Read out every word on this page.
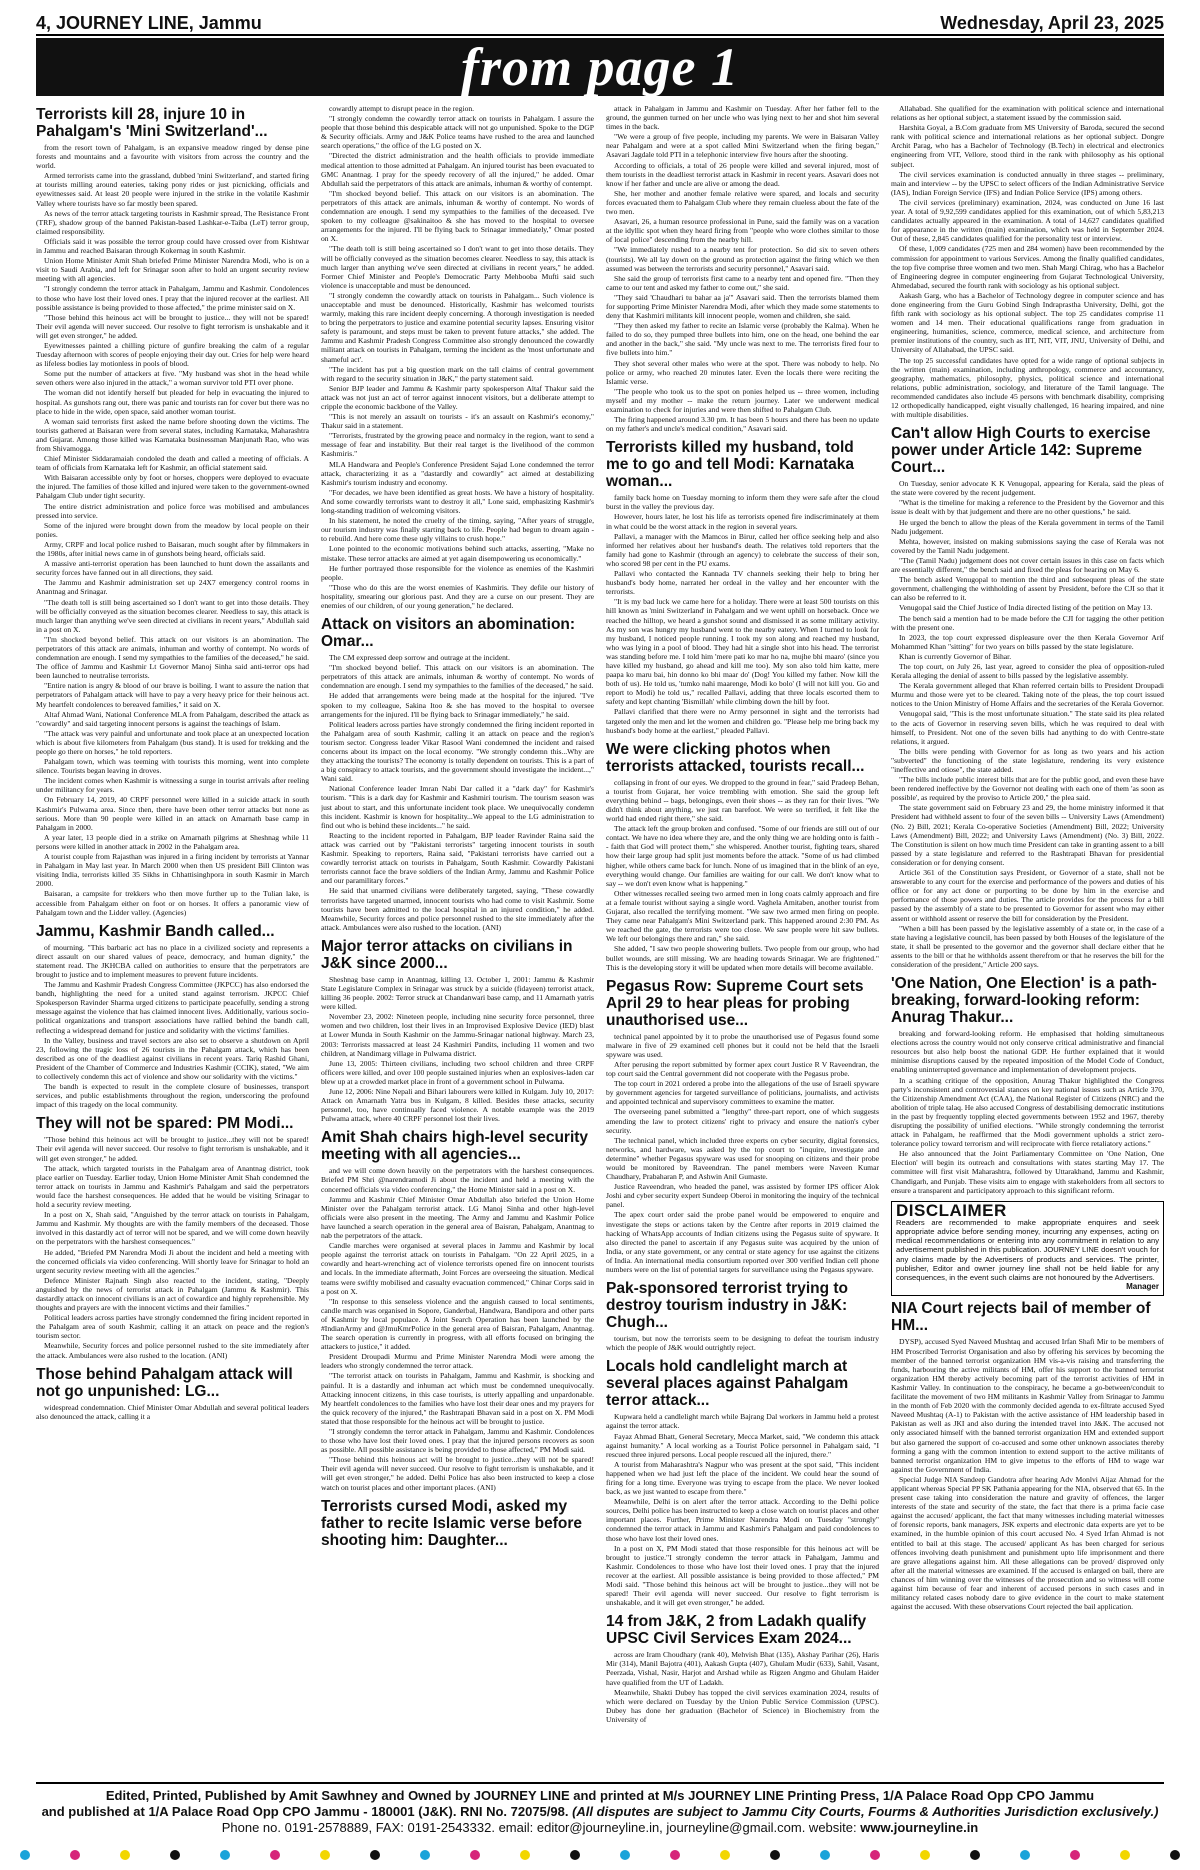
4, JOURNEY LINE, Jammu	Wednesday, April 23, 2025
from page 1
Terrorists kill 28, injure 10 in Pahalgam's 'Mini Switzerland'...

from the resort town of Pahalgam, is an expansive meadow ringed by dense pine forests and mountains and a favourite with visitors from across the country and the world.

Armed terrorists came into the grassland, dubbed 'mini Switzerland', and started firing at tourists milling around eateries, taking pony rides or just picnicking, officials and eyewitnesses said. At least 20 people were injured in the strike in the volatile Kashmir Valley where tourists have so far mostly been spared.

As news of the terror attack targeting tourists in Kashmir spread, The Resistance Front (TRF), shadow group of the banned Pakistan-based Lashkar-e-Taiba (LeT) terror group, claimed responsibility.

Officials said it was possible the terror group could have crossed over from Kishtwar in Jammu and reached Baisaran through Kokernag in south Kashmir.

Union Home Minister Amit Shah briefed Prime Minister Narendra Modi, who is on a visit to Saudi Arabia, and left for Srinagar soon after to hold an urgent security review meeting with all agencies.

"I strongly condemn the terror attack in Pahalgam, Jammu and Kashmir. Condolences to those who have lost their loved ones. I pray that the injured recover at the earliest. All possible assistance is being provided to those affected," the prime minister said on X.

"Those behind this heinous act will be brought to justice... they will not be spared! Their evil agenda will never succeed. Our resolve to fight terrorism is unshakable and it will get even stronger," he added.

Eyewitnesses painted a chilling picture of gunfire breaking the calm of a regular Tuesday afternoon with scores of people enjoying their day out. Cries for help were heard as lifeless bodies lay motionless in pools of blood.

Some put the number of attackers at five. "My husband was shot in the head while seven others were also injured in the attack," a woman survivor told PTI over phone.

The woman did not identify herself but pleaded for help in evacuating the injured to hospital. As gunshots rang out, there was panic and tourists ran for cover but there was no place to hide in the wide, open space, said another woman tourist.

A woman said terrorists first asked the name before shooting down the victims. The tourists gathered at Baisaran were from several states, including Karnataka, Maharashtra and Gujarat. Among those killed was Karnataka businessman Manjunath Rao, who was from Shivamogga.

Chief Minister Siddaramaiah condoled the death and called a meeting of officials. A team of officials from Karnataka left for Kashmir, an official statement said.

With Baisaran accessible only by foot or horses, choppers were deployed to evacuate the injured. The families of those killed and injured were taken to the government-owned Pahalgam Club under tight security.

The entire district administration and police force was mobilised and ambulances pressed into service.

Some of the injured were brought down from the meadow by local people on their ponies.

Army, CRPF and local police rushed to Baisaran, much sought after by filmmakers in the 1980s, after initial news came in of gunshots being heard, officials said.

A massive anti-terrorist operation has been launched to hunt down the assailants and security forces have fanned out in all directions, they said.

The Jammu and Kashmir administration set up 24X7 emergency control rooms in Anantnag and Srinagar.

"The death toll is still being ascertained so I don't want to get into those details. They will be officially conveyed as the situation becomes clearer. Needless to say, this attack is much larger than anything we've seen directed at civilians in recent years," Abdullah said in a post on X.

"I'm shocked beyond belief. This attack on our visitors is an abomination. The perpetrators of this attack are animals, inhuman and worthy of contempt. No words of condemnation are enough. I send my sympathies to the families of the deceased," he said. The office of Jammu and Kashmir Lt Governor Manoj Sinha said anti-terror ops had been launched to neutralise terrorists.

"Entire nation is angry & blood of our brave is boiling. I want to assure the nation that perpetrators of Pahalgam attack will have to pay a very heavy price for their heinous act. My heartfelt condolences to bereaved families," it said on X.

Altaf Ahmad Wani, National Conference MLA from Pahalgam, described the attack as "cowardly" and said targeting innocent persons is against the teachings of Islam.

"The attack was very painful and unfortunate and took place at an unexpected location which is about five kilometers from Pahalgam (bus stand). It is used for trekking and the people go there on horses," he told reporters.

Pahalgam town, which was teeming with tourists this morning, went into complete silence. Tourists began leaving in droves.

The incident comes when Kashmir is witnessing a surge in tourist arrivals after reeling under militancy for years.

On February 14, 2019, 40 CRPF personnel were killed in a suicide attack in south Kashmir's Pulwama area. Since then, there have been other terror attacks but none as serious. More than 90 people were killed in an attack on Amarnath base camp in Pahalgam in 2000.

A year later, 13 people died in a strike on Amarnath pilgrims at Sheshnag while 11 persons were killed in another attack in 2002 in the Pahalgam area.

A tourist couple from Rajasthan was injured in a firing incident by terrorists at Yannar in Pahalgam in May last year. In March 2000 when then US president Bill Clinton was visiting India, terrorists killed 35 Sikhs in Chhattisinghpora in south Kasmir in March 2000.

Baisaran, a campsite for trekkers who then move further up to the Tulian lake, is accessible from Pahalgam either on foot or on horses. It offers a panoramic view of Pahalgam town and the Lidder valley. (Agencies)

Jammu, Kashmir Bandh called...

of mourning. "This barbaric act has no place in a civilized society and represents a direct assault on our shared values of peace, democracy, and human dignity," the statement read. The JKHCBA called on authorities to ensure that the perpetrators are brought to justice and to implement measures to prevent future incidents.

The Jammu and Kashmir Pradesh Congress Committee (JKPCC) has also endorsed the bandh, highlighting the need for a united stand against terrorism. JKPCC Chief Spokesperson Ravinder Sharma urged citizens to participate peacefully, sending a strong message against the violence that has claimed innocent lives. Additionally, various socio-political organizations and transport associations have rallied behind the bandh call, reflecting a widespread demand for justice and solidarity with the victims' families.

In the Valley, business and travel sectors are also set to observe a shutdown on April 23, following the tragic loss of 26 tourists in the Pahalgam attack, which has been described as one of the deadliest against civilians in recent years. Tariq Rashid Ghani, President of the Chamber of Commerce and Industries Kashmir (CCIK), stated, "We aim to collectively condemn this act of violence and show our solidarity with the victims."

The bandh is expected to result in the complete closure of businesses, transport services, and public establishments throughout the region, underscoring the profound impact of this tragedy on the local community.

They will not be spared: PM Modi...

"Those behind this heinous act will be brought to justice...they will not be spared! Their evil agenda will never succeed. Our resolve to fight terrorism is unshakable, and it will get even stronger," he added.

The attack, which targeted tourists in the Pahalgam area of Anantnag district, took place earlier on Tuesday. Earlier today, Union Home Minister Amit Shah condemned the terror attack on tourists in Jammu and Kashmir's Pahalgam and said the perpetrators would face the harshest consequences. He added that he would be visiting Srinagar to hold a security review meeting.

In a post on X, Shah said, "Anguished by the terror attack on tourists in Pahalgam, Jammu and Kashmir. My thoughts are with the family members of the deceased. Those involved in this dastardly act of terror will not be spared, and we will come down heavily on the perpetrators with the harshest consequences."

He added, "Briefed PM Narendra Modi Ji about the incident and held a meeting with the concerned officials via video conferencing. Will shortly leave for Srinagar to hold an urgent security review meeting with all the agencies."

Defence Minister Rajnath Singh also reacted to the incident, stating, "Deeply anguished by the news of terrorist attack in Pahalgam (Jammu & Kashmir). This dastardly attack on innocent civilians is an act of cowardice and highly reprehensible. My thoughts and prayers are with the innocent victims and their families."

Political leaders across parties have strongly condemned the firing incident reported in the Pahalgam area of south Kashmir, calling it an attack on peace and the region's tourism sector.

Meanwhile, Security forces and police personnel rushed to the site immediately after the attack. Ambulances were also rushed to the location. (ANI)

Those behind Pahalgam attack will not go unpunished: LG...

widespread condemnation. Chief Minister Omar Abdullah and several political leaders also denounced the attack, calling it a

cowardly attempt to disrupt peace in the region.

"I strongly condemn the cowardly terror attack on tourists in Pahalgam. I assure the people that those behind this despicable attack will not go unpunished. Spoke to the DGP & Security officials. Army and J&K Police teams have rushed to the area and launched search operations," the office of the LG posted on X.

"Directed the district administration and the health officials to provide immediate medical attention to those admitted at Pahalgam. An injured tourist has been evacuated to GMC Anantnag. I pray for the speedy recovery of all the injured," he added. Omar Abdullah said the perpetrators of this attack are animals, inhuman & worthy of contempt.

"I'm shocked beyond belief. This attack on our visitors is an abomination. The perpetrators of this attack are animals, inhuman & worthy of contempt. No words of condemnation are enough. I send my sympathies to the families of the deceased. I've spoken to my colleague @sakinaitoo & she has moved to the hospital to oversee arrangements for the injured. I'll be flying back to Srinagar immediately," Omar posted on X.

"The death toll is still being ascertained so I don't want to get into those details. They will be officially conveyed as the situation becomes clearer. Needless to say, this attack is much larger than anything we've seen directed at civilians in recent years," he added. Former Chief Minister and People's Democratic Party Mehbooba Mufti said such violence is unacceptable and must be denounced.

"I strongly condemn the cowardly attack on tourists in Pahalgam... Such violence is unacceptable and must be denounced. Historically, Kashmir has welcomed tourists warmly, making this rare incident deeply concerning. A thorough investigation is needed to bring the perpetrators to justice and examine potential security lapses. Ensuring visitor safety is paramount, and steps must be taken to prevent future attacks," she added. The Jammu and Kashmir Pradesh Congress Committee also strongly denounced the cowardly militant attack on tourists in Pahalgam, terming the incident as the 'most unfortunate and shameful act'.

"The incident has put a big question mark on the tall claims of central government with regard to the security situation in J&K," the party statement said.

Senior BJP leader and Jammu & Kashmir party spokesperson Altaf Thakur said the attack was not just an act of terror against innocent visitors, but a deliberate attempt to cripple the economic backbone of the Valley.

"This is not merely an assault on tourists - it's an assault on Kashmir's economy," Thakur said in a statement.

"Terrorists, frustrated by the growing peace and normalcy in the region, want to send a message of fear and instability. But their real target is the livelihood of the common Kashmiris."

MLA Handwara and People's Conference President Sajad Lone condemned the terror attack, characterizing it as a "dastardly and cowardly" act aimed at destabilizing Kashmir's tourism industry and economy.

"For decades, we have been identified as great hosts. We have a history of hospitality. And some cowardly terrorists want to destroy it all," Lone said, emphasizing Kashmir's long-standing tradition of welcoming visitors.

In his statement, he noted the cruelty of the timing, saying, "After years of struggle, our tourism industry was finally starting back to life. People had begun to dream again - to rebuild. And here come these ugly villains to crush hope."

Lone pointed to the economic motivations behind such attacks, asserting, "Make no mistake. These terror attacks are aimed at yet again disempowering us economically."

He further portrayed those responsible for the violence as enemies of the Kashmiri people.

"Those who do this are the worst enemies of Kashmiris. They defile our history of hospitality, smearing our glorious past. And they are a curse on our present. They are enemies of our children, of our young generation," he declared.

Attack on visitors an abomination: Omar...

The CM expressed deep sorrow and outrage at the incident.

"I'm shocked beyond belief. This attack on our visitors is an abomination. The perpetrators of this attack are animals, inhuman & worthy of contempt. No words of condemnation are enough. I send my sympathies to the families of the deceased," he said.

He added that arrangements were being made at the hospital for the injured. "I've spoken to my colleague, Sakina Itoo & she has moved to the hospital to oversee arrangements for the injured. I'll be flying back to Srinagar immediately," he said.

Political leaders across parties have strongly condemned the firing incident reported in the Pahalgam area of south Kashmir, calling it an attack on peace and the region's tourism sector. Congress leader Vikar Rasool Wani condemned the incident and raised concerns about its impact on the local economy. "We strongly condemn this...Why are they attacking the tourists? The economy is totally dependent on tourists. This is a part of a big conspiracy to attack tourists, and the government should investigate the incident...," Wani said.

National Conference leader Imran Nabi Dar called it a "dark day" for Kashmir's tourism. "This is a dark day for Kashmir and Kashmiri tourism. The tourism season was just about to start, and this unfortunate incident took place. We unequivocally condemn this incident. Kashmir is known for hospitality...We appeal to the LG administration to find out who is behind these incidents..." he said.

Reacting to the incident reported in Pahalgam, BJP leader Ravinder Raina said the attack was carried out by "Pakistani terrorists" targeting innocent tourists in south Kashmir. Speaking to reporters, Raina said, "Pakistani terrorists have carried out a cowardly terrorist attack on tourists in Pahalgam, South Kashmir. Cowardly Pakistani terrorists cannot face the brave soldiers of the Indian Army, Jammu and Kashmir Police and our paramilitary forces."

He said that unarmed civilians were deliberately targeted, saying, "These cowardly terrorists have targeted unarmed, innocent tourists who had come to visit Kashmir. Some tourists have been admitted to the local hospital in an injured condition," he added. Meanwhile, Security forces and police personnel rushed to the site immediately after the attack. Ambulances were also rushed to the location. (ANI)

Major terror attacks on civilians in J&K since 2000...

Sheshnag base camp in Anantnag, killing 13. October 1, 2001: Jammu & Kashmir State Legislature Complex in Srinagar was struck by a suicide (fidayeen) terrorist attack, killing 36 people. 2002: Terror struck at Chandanwari base camp, and 11 Amarnath yatris were killed.

November 23, 2002: Nineteen people, including nine security force personnel, three women and two children, lost their lives in an Improvised Explosive Device (IED) blast at Lower Munda in South Kashmir on the Jammu-Srinagar national highway. March 23, 2003: Terrorists massacred at least 24 Kashmiri Pandits, including 11 women and two children, at Nandimarg village in Pulwama district.

June 13, 2005: Thirteen civilians, including two school children and three CRPF officers were killed, and over 100 people sustained injuries when an explosives-laden car blew up at a crowded market place in front of a government school in Pulwama.

June 12, 2006: Nine Nepali and Bihari labourers were killed in Kulgam. July 10, 2017: Attack on Amarnath Yatra bus in Kulgam, 8 killed. Besides these attacks, security personnel, too, have continually faced violence. A notable example was the 2019 Pulwama attack, where 40 CRPF personnel lost their lives.

Amit Shah chairs high-level security meeting with all agencies...

and we will come down heavily on the perpetrators with the harshest consequences. Briefed PM Shri @narendramodi Ji about the incident and held a meeting with the concerned officials via video conferencing," the Home Minister said in a post on X.

Jammu and Kashmir Chief Minister Omar Abdullah also briefed the Union Home Minister over the Pahalgam terrorist attack. LG Manoj Sinha and other high-level officials were also present in the meeting. The Army and Jammu and Kashmir Police have launched a search operation in the general area of Baisran, Pahalgam, Anantnag to nab the perpetrators of the attack.

Candle marches were organised at several places in Jammu and Kashmir by local people against the terrorist attack on tourists in Pahalgam. "On 22 April 2025, in a cowardly and heart-wrenching act of violence terrorists opened fire on innocent tourists and locals. In the immediate aftermath, Joint Forces are overseeing the situation. Medical teams were swiftly mobilised and casualty evacuation commenced," Chinar Corps said in a post on X.

"In response to this senseless violence and the anguish caused to local sentiments, candle march was organised in Sopore, Ganderbal, Handwara, Bandipora and other parts of Kashmir by local populace. A Joint Search Operation has been launched by the #IndianArmy and @JmuKmrPolice in the general area of Baisran, Pahalgam, Anantnag. The search operation is currently in progress, with all efforts focused on bringing the attackers to justice," it added.

President Droupadi Murmu and Prime Minister Narendra Modi were among the leaders who strongly condemned the terror attack.

"The terrorist attack on tourists in Pahalgam, Jammu and Kashmir, is shocking and painful. It is a dastardly and inhuman act which must be condemned unequivocally. Attacking innocent citizens, in this case tourists, is utterly appalling and unpardonable. My heartfelt condolences to the families who have lost their dear ones and my prayers for the quick recovery of the injured," the Rashtrapati Bhavan said in a post on X. PM Modi stated that those responsible for the heinous act will be brought to justice.

"I strongly condemn the terror attack in Pahalgam, Jammu and Kashmir. Condolences to those who have lost their loved ones. I pray that the injured persons recovers as soon as possible. All possible assistance is being provided to those affected," PM Modi said.

"Those behind this heinous act will be brought to justice...they will not be spared! Their evil agenda will never succeed. Our resolve to fight terrorism is unshakable, and it will get even stronger," he added. Delhi Police has also been instructed to keep a close watch on tourist places and other important places. (ANI)

Terrorists cursed Modi, asked my father to recite Islamic verse before shooting him: Daughter...

attack in Pahalgam in Jammu and Kashmir on Tuesday. After her father fell to the ground, the gunmen turned on her uncle who was lying next to her and shot him several times in the back.

"We were a group of five people, including my parents. We were in Baisaran Valley near Pahalgam and were at a spot called Mini Switzerland when the firing began," Asavari Jagdale told PTI in a telephonic interview five hours after the shooting.

According to officials, a total of 26 people were killed and several injured, most of them tourists in the deadliest terrorist attack in Kashmir in recent years. Asavari does not know if her father and uncle are alive or among the dead.

She, her mother and another female relative were spared, and locals and security forces evacuated them to Pahalgam Club where they remain clueless about the fate of the two men.

Asavari, 26, a human resource professional in Pune, said the family was on a vacation at the idyllic spot when they heard firing from "people who wore clothes similar to those of local police" descending from the nearby hill.

"We immediately rushed to a nearby tent for protection. So did six to seven others (tourists). We all lay down on the ground as protection against the firing which we then assumed was between the terrorists and security personnel," Asavari said.

She said the group of terrorists first came to a nearby tent and opened fire. "Then they came to our tent and asked my father to come out," she said.

"They said 'Chaudhari tu bahar aa ja'" Asavari said. Then the terrorists blamed them for supporting Prime Minister Narendra Modi, after which they made some statements to deny that Kashmiri militants kill innocent people, women and children, she said.

"They then asked my father to recite an Islamic verse (probably the Kalma). When he failed to do so, they pumped three bullets into him, one on the head, one behind the ear and another in the back," she said. "My uncle was next to me. The terrorists fired four to five bullets into him."

They shot several other males who were at the spot. There was nobody to help. No police or army, who reached 20 minutes later. Even the locals there were reciting the Islamic verse.

"The people who took us to the spot on ponies helped us -- three women, including myself and my mother -- make the return journey. Later we underwent medical examination to check for injuries and were then shifted to Pahalgam Club.

The firing happened around 3.30 pm. It has been 5 hours and there has been no update on my father's and uncle's medical condition," Asavari said.

Terrorists killed my husband, told me to go and tell Modi: Karnataka woman...

family back home on Tuesday morning to inform them they were safe after the cloud burst in the valley the previous day.

However, hours later, he lost his life as terrorists opened fire indiscriminately at them in what could be the worst attack in the region in several years.

Pallavi, a manager with the Mamcos in Birur, called her office seeking help and also informed her relatives about her husband's death. The relatives told reporters that the family had gone to Kashmir (through an agency) to celebrate the success of their son, who scored 98 per cent in the PU exams.

Pallavi who contacted the Kannada TV channels seeking their help to bring her husband's body home, narrated her ordeal in the valley and her encounter with the terrorists.

"It is my bad luck we came here for a holiday. There were at least 500 tourists on this hill known as 'mini Switzerland' in Pahalgam and we went uphill on horseback. Once we reached the hilltop, we heard a gunshot sound and dismissed it as some military activity. As my son was hungry my husband went to the nearby eatery. When I turned to look for my husband, I noticed people running. I took my son along and reached my husband, who was lying in a pool of blood. They had hit a single shot into his head. The terrorist was standing before me. I told him 'mere pati ko mar ho na, mujhe bhi maaro' (since you have killed my husband, go ahead and kill me too). My son also told him katte, mere paapa ko maru bai, hin donno ko bhi maar do' (Dog! You killed my father. Now kill the both of us). He told us, 'tumko nahi maarenge, Modi ko bolo' (I will not kill you. Go and report to Modi) he told us," recalled Pallavi, adding that three locals escorted them to safety and kept chanting 'Bismillah' while climbing down the hill by foot.

Pallavi clarified that there were no Army personnel in sight and the terrorists had targeted only the men and let the women and children go. "Please help me bring back my husband's body home at the earliest," pleaded Pallavi.

We were clicking photos when terrorists attacked, tourists recall...

collapsing in front of our eyes. We dropped to the ground in fear," said Pradeep Behan, a tourist from Gujarat, her voice trembling with emotion. She said the group left everything behind -- bags, belongings, even their shoes -- as they ran for their lives. "We didn't think about anything, we just ran barefoot. We were so terrified, it felt like the world had ended right there," she said.

The attack left the group broken and confused. "Some of our friends are still out of our contact. We have no idea where they are, and the only thing we are holding onto is faith -- faith that God will protect them," she whispered. Another tourist, fighting tears, shared how their large group had split just moments before the attack. "Some of us had climbed higher, while others came back for lunch. None of us imagined that in the blink of an eye, everything would change. Our families are waiting for our call. We don't know what to say -- we don't even know what is happening."

Other witnesses recalled seeing two armed men in long coats calmly approach and fire at a female tourist without saying a single word. Vaghela Amitaben, another tourist from Gujarat, also recalled the terrifying moment. "We saw two armed men firing on people. They came near Pahalgam's Mini Switzerland park. This happened around 2:30 PM. As we reached the gate, the terrorists were too close. We saw people were hit saw bullets. We left our belongings there and ran," she said.

She added, "I saw two people showering bullets. Two people from our group, who had bullet wounds, are still missing. We are heading towards Srinagar. We are frightened." This is the developing story it will be updated when more details will become available.

Pegasus Row: Supreme Court sets April 29 to hear pleas for probing unauthorised use...

technical panel appointed by it to probe the unauthorised use of Pegasus found some malware in five of 29 examined cell phones but it could not be held that the Israeli spyware was used.

After perusing the report submitted by former apex court Justice R V Raveendran, the top court said the Central government did not cooperate with the Pegasus probe.

The top court in 2021 ordered a probe into the allegations of the use of Israeli spyware by government agencies for targeted surveillance of politicians, journalists, and activists and appointed technical and supervisory committees to examine the matter.

The overseeing panel submitted a "lengthy" three-part report, one of which suggests amending the law to protect citizens' right to privacy and ensure the nation's cyber security.

The technical panel, which included three experts on cyber security, digital forensics, networks, and hardware, was asked by the top court to "inquire, investigate and determine" whether Pegasus spyware was used for snooping on citizens and their probe would be monitored by Raveendran. The panel members were Naveen Kumar Chaudhary, Prabaharan P, and Ashwin Anil Gumaste.

Justice Raveendran, who headed the panel, was assisted by former IPS officer Alok Joshi and cyber security expert Sundeep Oberoi in monitoring the inquiry of the technical panel.

The apex court order said the probe panel would be empowered to enquire and investigate the steps or actions taken by the Centre after reports in 2019 claimed the hacking of WhatsApp accounts of Indian citizens using the Pegasus suite of spyware. It also directed the panel to ascertain if any Pegasus suite was acquired by the union of India, or any state government, or any central or state agency for use against the citizens of India. An international media consortium reported over 300 verified Indian cell phone numbers were on the list of potential targets for surveillance using the Pegasus spyware.

Pak-sponsored terrorist trying to destroy tourism industry in J&K: Chugh...

tourism, but now the terrorists seem to be designing to defeat the tourism industry which the people of J&K would outrightly reject.

Locals hold candlelight march at several places against Pahalgam terror attack...

Kupwara held a candlelight march while Bajrang Dal workers in Jammu held a protest against the terror attack.

Fayaz Ahmad Bhatt, General Secretary, Mecca Market, said, "We condemn this attack against humanity." A local working as a Tourist Police personnel in Pahalgam said, "I rescued three injured persons. Local people rescued all the injured, there."

A tourist from Maharashtra's Nagpur who was present at the spot said, "This incident happened when we had just left the place of the incident. We could hear the sound of firing for a long time. Everyone was trying to escape from the place. We never looked back, as we just wanted to escape from there."

Meanwhile, Delhi is on alert after the terror attack. According to the Delhi police sources, Delhi police has been instructed to keep a close watch on tourist places and other important places. Further, Prime Minister Narendra Modi on Tuesday "strongly" condemned the terror attack in Jammu and Kashmir's Pahalgam and paid condolences to those who have lost their loved ones.

In a post on X, PM Modi stated that those responsible for this heinous act will be brought to justice."I strongly condemn the terror attack in Pahalgam, Jammu and Kashmir. Condolences to those who have lost their loved ones. I pray that the injured recover at the earliest. All possible assistance is being provided to those affected," PM Modi said. "Those behind this heinous act will be brought to justice...they will not be spared! Their evil agenda will never succeed. Our resolve to fight terrorism is unshakable, and it will get even stronger," he added.

14 from J&K, 2 from Ladakh qualify UPSC Civil Services Exam 2024...

across are Iram Choudhary (rank 40), Mehvish Bhat (135), Akshay Parihar (26), Haris Mir (314), Manil Bajotra (401), Aakash Gupta (407), Ghulam Mudir (633), Sahil, Vasant, Peerzada, Vishal, Nasir, Harjot and Arshad while as Rigzen Angmo and Ghulam Haider have qualified from the UT of Ladakh.

Meanwhile, Shakti Dubey has topped the civil services examination 2024, results of which were declared on Tuesday by the Union Public Service Commission (UPSC). Dubey has done her graduation (Bachelor of Science) in Biochemistry from the University of

Allahabad. She qualified for the examination with political science and international relations as her optional subject, a statement issued by the commission said.

Harshita Goyal, a B.Com graduate from MS University of Baroda, secured the second rank with political science and international relations as her optional subject. Dongre Archit Parag, who has a Bachelor of Technology (B.Tech) in electrical and electronics engineering from VIT, Vellore, stood third in the rank with philosophy as his optional subject.

The civil services examination is conducted annually in three stages -- preliminary, main and interview -- by the UPSC to select officers of the Indian Administrative Service (IAS), Indian Foreign Service (IFS) and Indian Police Service (IPS) among others.

The civil services (preliminary) examination, 2024, was conducted on June 16 last year. A total of 9,92,599 candidates applied for this examination, out of which 5,83,213 candidates actually appeared in the examination. A total of 14,627 candidates qualified for appearance in the written (main) examination, which was held in September 2024. Out of these, 2,845 candidates qualified for the personality test or interview.

Of these, 1,009 candidates (725 men and 284 women) have been recommended by the commission for appointment to various Services. Among the finally qualified candidates, the top five comprise three women and two men. Shah Margi Chirag, who has a Bachelor of Engineering degree in computer engineering from Gujarat Technological University, Ahmedabad, secured the fourth rank with sociology as his optional subject.

Aakash Garg, who has a Bachelor of Technology degree in computer science and has done engineering from the Guru Gobind Singh Indraprastha University, Delhi, got the fifth rank with sociology as his optional subject. The top 25 candidates comprise 11 women and 14 men. Their educational qualifications range from graduation in engineering, humanities, science, commerce, medical science, and architecture from premier institutions of the country, such as IIT, NIT, VIT, JNU, University of Delhi, and University of Allahabad, the UPSC said.

The top 25 successful candidates have opted for a wide range of optional subjects in the written (main) examination, including anthropology, commerce and accountancy, geography, mathematics, philosophy, physics, political science and international relations, public administration, sociology, and literature of the Tamil language. The recommended candidates also include 45 persons with benchmark disability, comprising 12 orthopedically handicapped, eight visually challenged, 16 hearing impaired, and nine with multiple disabilities.

Can't allow High Courts to exercise power under Article 142: Supreme Court...

On Tuesday, senior advocate K K Venugopal, appearing for Kerala, said the pleas of the state were covered by the recent judgement.

"What is the timeline for making a reference to the President by the Governor and this issue is dealt with by that judgement and there are no other questions," he said.

He urged the bench to allow the pleas of the Kerala government in terms of the Tamil Nadu judgement.

Mehta, however, insisted on making submissions saying the case of Kerala was not covered by the Tamil Nadu judgement.

"The (Tamil Nadu) judgement does not cover certain issues in this case on facts which are essentially different," the bench said and fixed the pleas for hearing on May 6.

The bench asked Venugopal to mention the third and subsequent pleas of the state government, challenging the withholding of assent by President, before the CJI so that it can also be referred to it.

Venugopal said the Chief Justice of India directed listing of the petition on May 13.

The bench said a mention had to be made before the CJI for tagging the other petition with the present one.

In 2023, the top court expressed displeasure over the then Kerala Governor Arif Mohammed Khan "sitting" for two years on bills passed by the state legislature.

Khan is currently Governor of Bihar.

The top court, on July 26, last year, agreed to consider the plea of opposition-ruled Kerala alleging the denial of assent to bills passed by the legislative assembly.

The Kerala government alleged that Khan referred certain bills to President Droupadi Murmu and those were yet to be cleared. Taking note of the pleas, the top court issued notices to the Union Ministry of Home Affairs and the secretaries of the Kerala Governor.

Venugopal said, "This is the most unfortunate situation." The state said its plea related to the acts of Governor in reserving seven bills, which he was required to deal with himself, to President. Not one of the seven bills had anything to do with Centre-state relations, it argued.

The bills were pending with Governor for as long as two years and his action "subverted" the functioning of the state legislature, rendering its very existence "ineffective and otiose", the state added.

"The bills include public interest bills that are for the public good, and even these have been rendered ineffective by the Governor not dealing with each one of them 'as soon as possible', as required by the proviso to Article 200," the plea said.

The state government said on February 23 and 29, the home ministry informed it that President had withheld assent to four of the seven bills -- University Laws (Amendment) (No. 2) Bill, 2021; Kerala Co-operative Societies (Amendment) Bill, 2022; University Laws (Amendment) Bill, 2022; and University Laws (Amendment) (No. 3) Bill, 2022. The Constitution is silent on how much time President can take in granting assent to a bill passed by a state legislature and referred to the Rashtrapati Bhavan for presidential consideration or for denying consent.

Article 361 of the Constitution says President, or Governor of a state, shall not be answerable to any court for the exercise and performance of the powers and duties of his office or for any act done or purporting to be done by him in the exercise and performance of those powers and duties. The article provides for the process for a bill passed by the assembly of a state to be presented to Governor for assent who may either assent or withhold assent or reserve the bill for consideration by the President.

"When a bill has been passed by the legislative assembly of a state or, in the case of a state having a legislative council, has been passed by both Houses of the legislature of the state, it shall be presented to the governor and the governor shall declare either that he assents to the bill or that he withholds assent therefrom or that he reserves the bill for the consideration of the president," Article 200 says.

'One Nation, One Election' is a path-breaking, forward-looking reform: Anurag Thakur...

breaking and forward-looking reform. He emphasised that holding simultaneous elections across the country would not only conserve critical administrative and financial resources but also help boost the national GDP. He further explained that it would minimise disruptions caused by the repeated imposition of the Model Code of Conduct, enabling uninterrupted governance and implementation of development projects.

In a scathing critique of the opposition, Anurag Thakur highlighted the Congress party's inconsistent and controversial stances on key national issues such as Article 370, the Citizenship Amendment Act (CAA), the National Register of Citizens (NRC) and the abolition of triple talaq. He also accused Congress of destabilising democratic institutions in the past by frequently toppling elected governments between 1952 and 1967, thereby disrupting the possibility of unified elections. "While strongly condemning the terrorist attack in Pahalgam, he reaffirmed that the Modi government upholds a strict zero-tolerance policy toward terrorism and will reciprocate with fierce retaliatory actions."

He also announced that the Joint Parliamentary Committee on 'One Nation, One Election' will begin its outreach and consultations with states starting May 17. The committee will first visit Maharashtra, followed by Uttarakhand, Jammu and Kashmir, Chandigarh, and Punjab. These visits aim to engage with stakeholders from all sectors to ensure a transparent and participatory approach to this significant reform.

DISCLAIMER

Readers are recommended to make appropriate enquires and seek appropriate advice before sending money, incurring any expenses, acting on medical recommendations or entering into any commitment in relation to any advertisement published in this publication. JOURNEY LINE doesn't vouch for any claims made by the Advertisers of products and services. The printer, publisher, Editor and owner journey line shall not be held liable for any consequences, in the event such claims are not honoured by the Advertisers.

Manager

NIA Court rejects bail of member of HM...

DYSP), accused Syed Naveed Mushtaq and accused Irfan Shafi Mir to be members of HM Proscribed Terrorist Organisation and also by offering his services by becoming the member of the banned terrorist organization HM vis-a-vis raising and transferring the funds, harbouring the active militants of HM, offer his support to the banned terrorist organization HM thereby actively becoming part of the terrorist activities of HM in Kashmir Valley. In continuation to the conspiracy, he became a go-between/conduit to facilitate the movement of two HM militants in Kashmir Valley from Srinagar to Jammu in the month of Feb 2020 with the commonly decided agenda to ex-filtrate accused Syed Naveed Mushtaq (A-1) to Pakistan with the active assistance of HM leadership based in Pakistan as well as JKI and also during the intended travel into J&K. The accused not only associated himself with the banned terrorist organization HM and extended support but also garnered the support of co-accused and some other unknown associates thereby forming a gang with the common intention to extend support to the active militants of banned terrorist organization HM to give impetus to the efforts of HM to wage war against the Government of India.

Special Judge NIA Sandeep Gandotra after hearing Adv Monlvi Aijaz Ahmad for the applicant whereas Special PP SK Pathania appearing for the NIA, observed that 65. In the present case taking into consideration the nature and gravity of offences, the larger interests of the state and security of the state, the fact that there is a prima facie case against the accused/ applicant, the fact that many witnesses including material witnesses of forensic reports, bank managers, JSK experts and electronic data experts are yet to be examined, in the humble opinion of this court accused No. 4 Syed Irfan Ahmad is not entitled to bail at this stage. The accused/ applicant As has been charged for serious offences involving death punishment and punishment upto life imprisonment and there are grave allegations against him. All these allegations can be proved/ disproved only after all the material witnesses are examined. If the accused is enlarged on bail, there are chances of him winning over the witnesses of the prosecution and so witness will come against him because of fear and inherent of accused persons in such cases and in militancy related cases nobody dare to give evidence in the court to make statement against the accused. With these observations Court rejected the bail application.

Edited, Printed, Published by Amit Sawhney and Owned by JOURNEY LINE and printed at M/s JOURNEY LINE Printing Press, 1/A Palace Road Opp CPO Jammu
and published at 1/A Palace Road Opp CPO Jammu - 180001 (J&K). RNI No. 72075/98. (All disputes are subject to Jammu City Courts, Fourms & Authorities Jurisdiction exclusively.)
Phone no. 0191-2578889, FAX: 0191-2543332. email: editor@journeyline.in, journeyline@gmail.com. website: www.journeyline.in
